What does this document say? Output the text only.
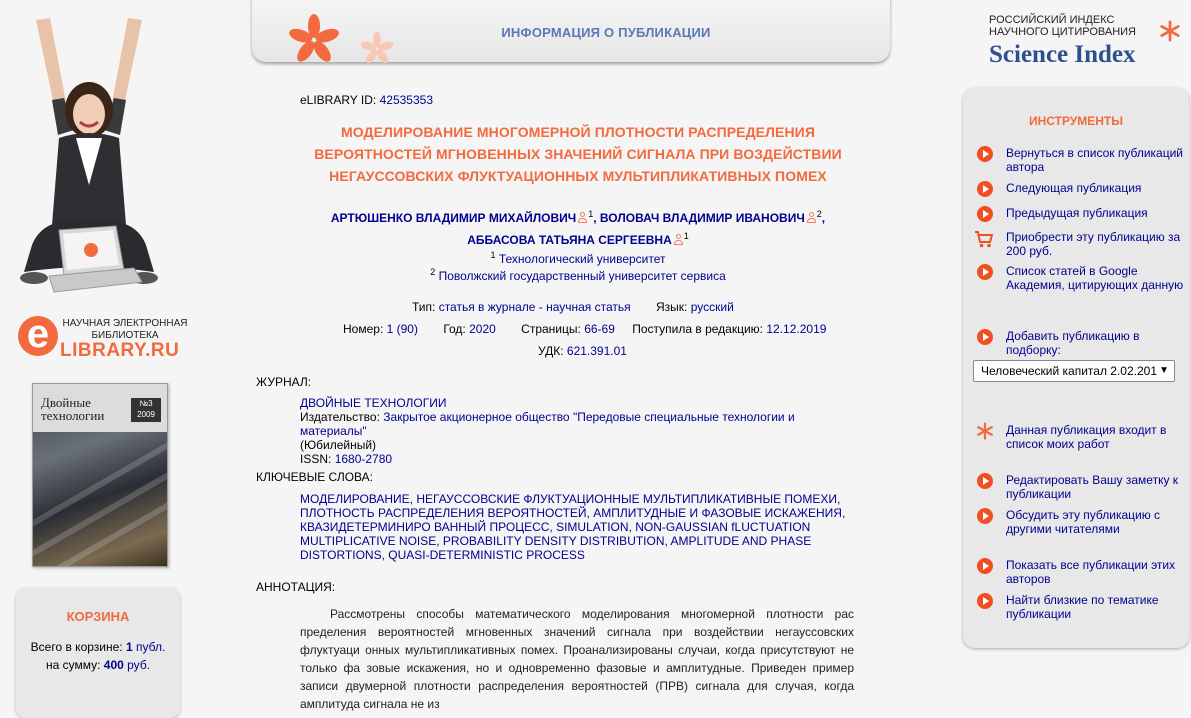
e	НАУЧНАЯ ЭЛЕКТРОННАЯ БИБЛИОТЕКА
LIBRARY.RU
Двойные технологии
№3 2009
КОРЗИНА
Всего в корзине: 1 публ.
на сумму: 400 руб.
ИНФОРМАЦИЯ О ПУБЛИКАЦИИ
РОССИЙСКИЙ ИНДЕКС
НАУЧНОГО ЦИТИРОВАНИЯ
Science Index
eLIBRARY ID: 42535353
МОДЕЛИРОВАНИЕ МНОГОМЕРНОЙ ПЛОТНОСТИ РАСПРЕДЕЛЕНИЯ
ВЕРОЯТНОСТЕЙ МГНОВЕННЫХ ЗНАЧЕНИЙ СИГНАЛА ПРИ ВОЗДЕЙСТВИИ
НЕГАУССОВСКИХ ФЛУКТУАЦИОННЫХ МУЛЬТИПЛИКАТИВНЫХ ПОМЕХ
АРТЮШЕНКО ВЛАДИМИР МИХАЙЛОВИЧ $^1$, ВОЛОВАЧ ВЛАДИМИР ИВАНОВИЧ $^2$,
АББАСОВА ТАТЬЯНА СЕРГЕЕВНА $^1$
$^1$ Технологический университет
$^2$ Поволжский государственный университет сервиса
Тип: статья в журнале - научная статья Язык: русский
Номер: 1 (90) Год: 2020 Страницы: 66-69 Поступила в редакцию: 12.12.2019
УДК: 621.391.01
ЖУРНАЛ:
ДВОЙНЫЕ ТЕХНОЛОГИИ
Издательство: Закрытое акционерное общество "Передовые специальные технологии и материалы"
(Юбилейный)
ISSN: 1680-2780
КЛЮЧЕВЫЕ СЛОВА:
МОДЕЛИРОВАНИЕ, НЕГАУССОВСКИЕ ФЛУКТУАЦИОННЫЕ МУЛЬТИПЛИКАТИВНЫЕ ПОМЕХИ, ПЛОТНОСТЬ РАСПРЕДЕЛЕНИЯ ВЕРОЯТНОСТЕЙ, АМПЛИТУДНЫЕ И ФАЗОВЫЕ ИСКАЖЕНИЯ, КВАЗИДЕТЕРМИНИРО ВАННЫЙ ПРОЦЕСС, SIMULATION, NON-GAUSSIAN fLUCTUATION MULTIPLICATIVE NOISE, PROBABILITY DENSITY DISTRIBUTION, AMPLITUDE AND PHASE DISTORTIONS, QUASI-DETERMINISTIC PROCESS
АННОТАЦИЯ:
Рассмотрены способы математического моделирования многомерной плотности рас пределения вероятностей мгновенных значений сигнала при воздействии негауссовских флуктуаци онных мультипликативных помех. Проанализированы случаи, когда присутствуют не только фа зовые искажения, но и одновременно фазовые и амплитудные. Приведен пример записи двумерной плотности распределения вероятностей (ПРВ) сигнала для случая, когда амплитуда сигнала не из
ИНСТРУМЕНТЫ
Вернуться в список публикаций автора
Следующая публикация
Предыдущая публикация
Приобрести эту публикацию за 200 руб.
Список статей в Google Академия, цитирующих данную
Добавить публикацию в подборку:
Человеческий капитал 2.02.201 ▼
Данная публикация входит в список моих работ
Редактировать Вашу заметку к публикации
Обсудить эту публикацию с другими читателями
Показать все публикации этих авторов
Найти близкие по тематике публикации
